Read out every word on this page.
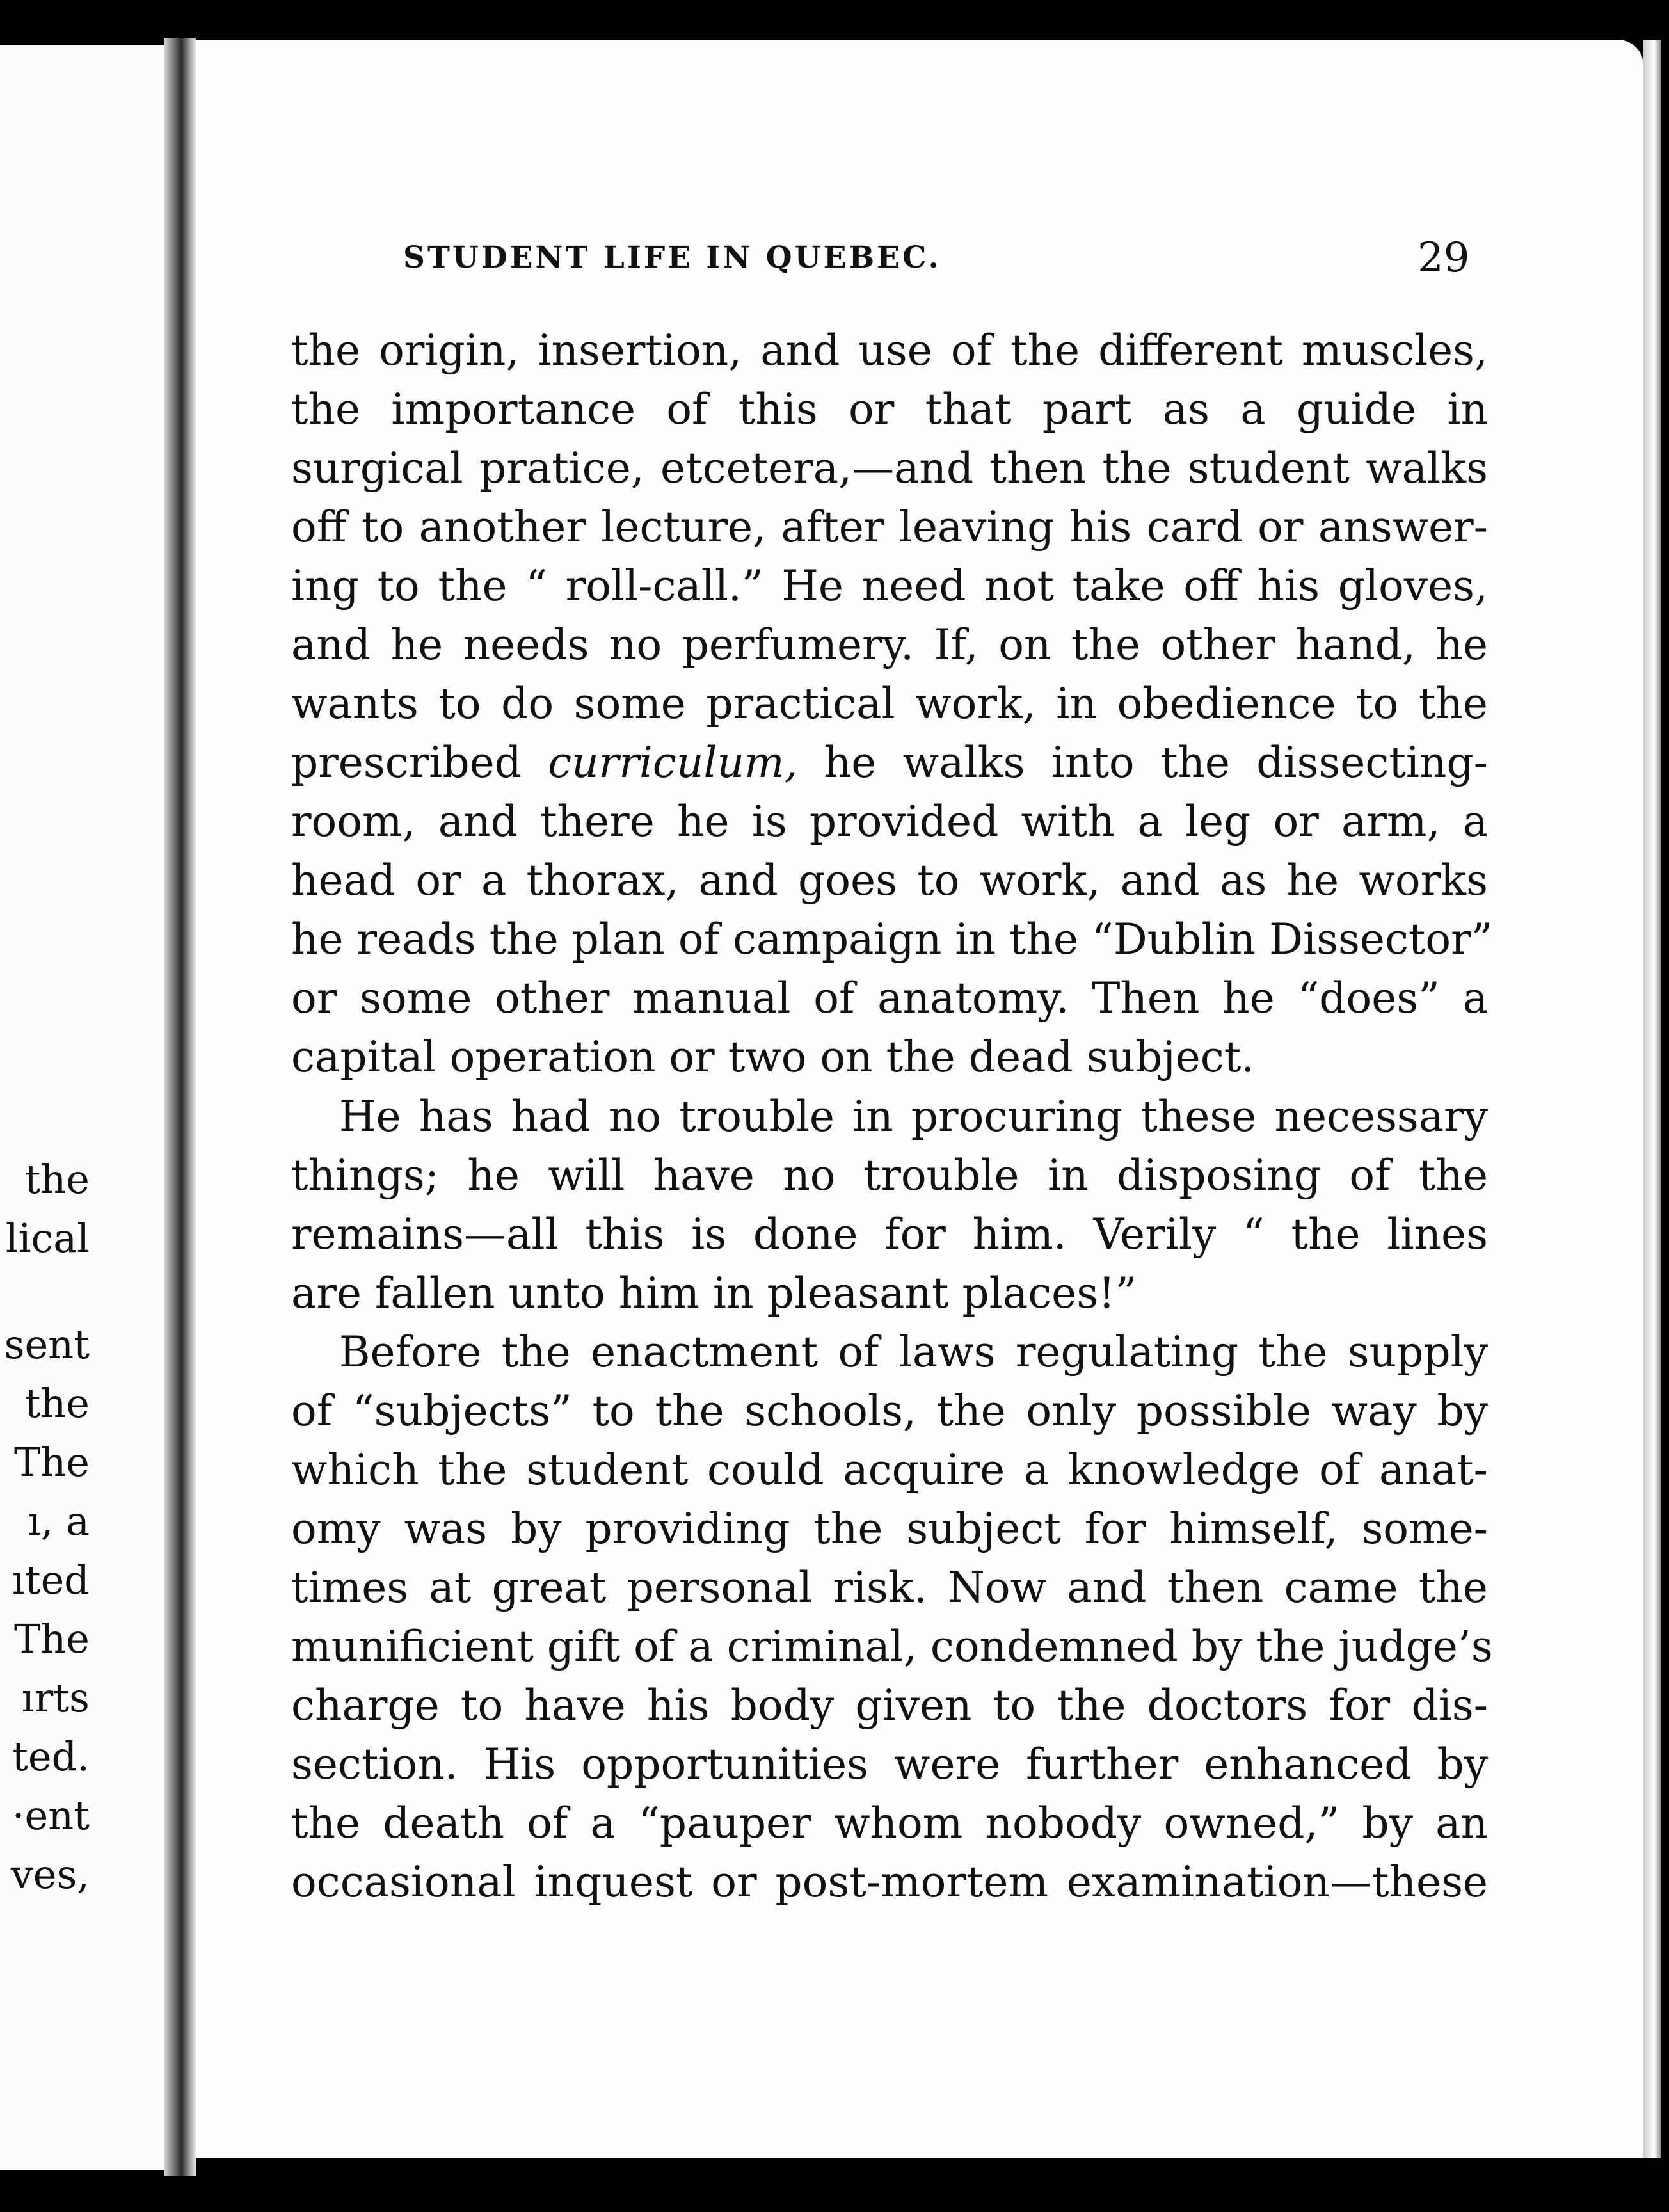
the
lical
sent
the
The
ı, a
ıted
The
ırts
ted.
·ent
ves,
STUDENT LIFE IN QUEBEC.	29
the origin, insertion, and use of the different muscles,
the importance of this or that part as a guide in
surgical pratice, etcetera,—and then the student walks
off to another lecture, after leaving his card or answer-
ing to the “ roll-call.” He need not take off his gloves,
and he needs no perfumery. If, on the other hand, he
wants to do some practical work, in obedience to the
prescribed curriculum, he walks into the dissecting-
room, and there he is provided with a leg or arm, a
head or a thorax, and goes to work, and as he works
he reads the plan of campaign in the “Dublin Dissector”
or some other manual of anatomy. Then he “does” a
capital operation or two on the dead subject.
He has had no trouble in procuring these necessary
things; he will have no trouble in disposing of the
remains—all this is done for him. Verily “ the lines
are fallen unto him in pleasant places!”
Before the enactment of laws regulating the supply
of “subjects” to the schools, the only possible way by
which the student could acquire a knowledge of anat-
omy was by providing the subject for himself, some-
times at great personal risk. Now and then came the
munificient gift of a criminal, condemned by the judge’s
charge to have his body given to the doctors for dis-
section. His opportunities were further enhanced by
the death of a “pauper whom nobody owned,” by an
occasional inquest or post-mortem examination—these
